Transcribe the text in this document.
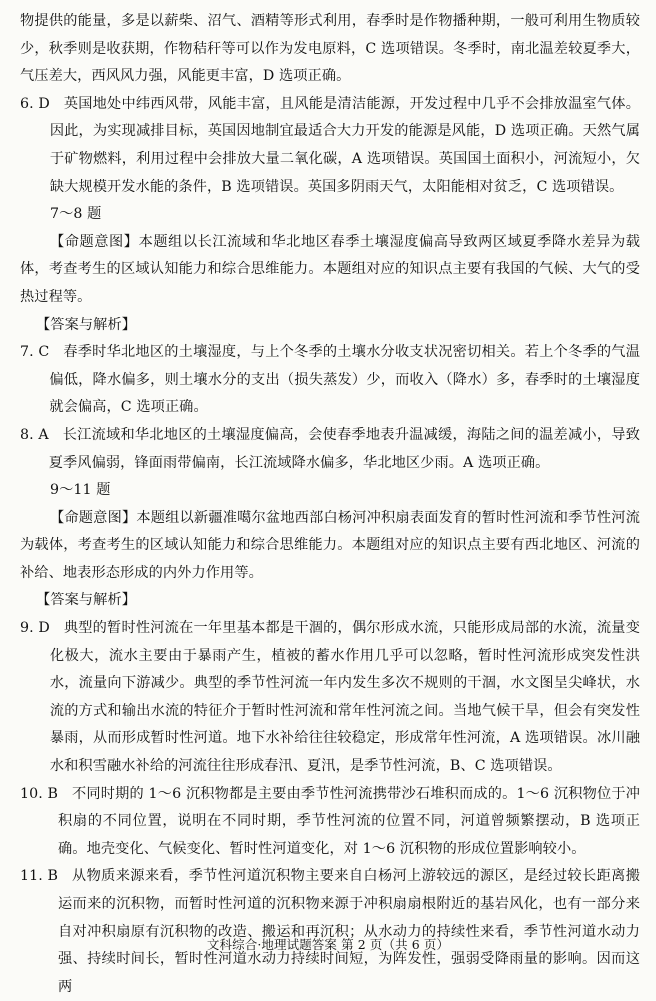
物提供的能量，多是以薪柴、沼气、酒精等形式利用，春季时是作物播种期，一般可利用生物质较少，秋季则是收获期，作物秸秆等可以作为发电原料，C 选项错误。冬季时，南北温差较夏季大，气压差大，西风风力强，风能更丰富，D 选项正确。

6. D 英国地处中纬西风带，风能丰富，且风能是清洁能源，开发过程中几乎不会排放温室气体。因此，为实现减排目标，英国因地制宜最适合大力开发的能源是风能，D 选项正确。天然气属于矿物燃料，利用过程中会排放大量二氧化碳，A 选项错误。英国国土面积小，河流短小，欠缺大规模开发水能的条件，B 选项错误。英国多阴雨天气，太阳能相对贫乏，C 选项错误。

7～8 题

【命题意图】本题组以长江流域和华北地区春季土壤湿度偏高导致两区域夏季降水差异为载体，考查考生的区域认知能力和综合思维能力。本题组对应的知识点主要有我国的气候、大气的受热过程等。

【答案与解析】

7. C 春季时华北地区的土壤湿度，与上个冬季的土壤水分收支状况密切相关。若上个冬季的气温偏低，降水偏多，则土壤水分的支出（损失蒸发）少，而收入（降水）多，春季时的土壤湿度就会偏高，C 选项正确。

8. A 长江流域和华北地区的土壤湿度偏高，会使春季地表升温减缓，海陆之间的温差减小，导致夏季风偏弱，锋面雨带偏南，长江流域降水偏多，华北地区少雨。A 选项正确。

9～11 题

【命题意图】本题组以新疆准噶尔盆地西部白杨河冲积扇表面发育的暂时性河流和季节性河流为载体，考查考生的区域认知能力和综合思维能力。本题组对应的知识点主要有西北地区、河流的补给、地表形态形成的内外力作用等。

【答案与解析】

9. D 典型的暂时性河流在一年里基本都是干涸的，偶尔形成水流，只能形成局部的水流，流量变化极大，流水主要由于暴雨产生，植被的蓄水作用几乎可以忽略，暂时性河流形成突发性洪水，流量向下游减少。典型的季节性河流一年内发生多次不规则的干涸，水文图呈尖峰状，水流的方式和输出水流的特征介于暂时性河流和常年性河流之间。当地气候干旱，但会有突发性暴雨，从而形成暂时性河道。地下水补给往往较稳定，形成常年性河流，A 选项错误。冰川融水和积雪融水补给的河流往往形成春汛、夏汛，是季节性河流，B、C 选项错误。

10. B 不同时期的 1～6 沉积物都是主要由季节性河流携带沙石堆积而成的。1～6 沉积物位于冲积扇的不同位置，说明在不同时期，季节性河流的位置不同，河道曾频繁摆动，B 选项正确。地壳变化、气候变化、暂时性河道变化，对 1～6 沉积物的形成位置影响较小。

11. B 从物质来源来看，季节性河道沉积物主要来自白杨河上游较远的源区，是经过较长距离搬运而来的沉积物，而暂时性河道的沉积物来源于冲积扇扇根附近的基岩风化，也有一部分来自对冲积扇原有沉积物的改造、搬运和再沉积；从水动力的持续性来看，季节性河道水动力强、持续时间长，暂时性河道水动力持续时间短，为阵发性，强弱受降雨量的影响。因而这两

文科综合·地理试题答案 第 2 页（共 6 页）
